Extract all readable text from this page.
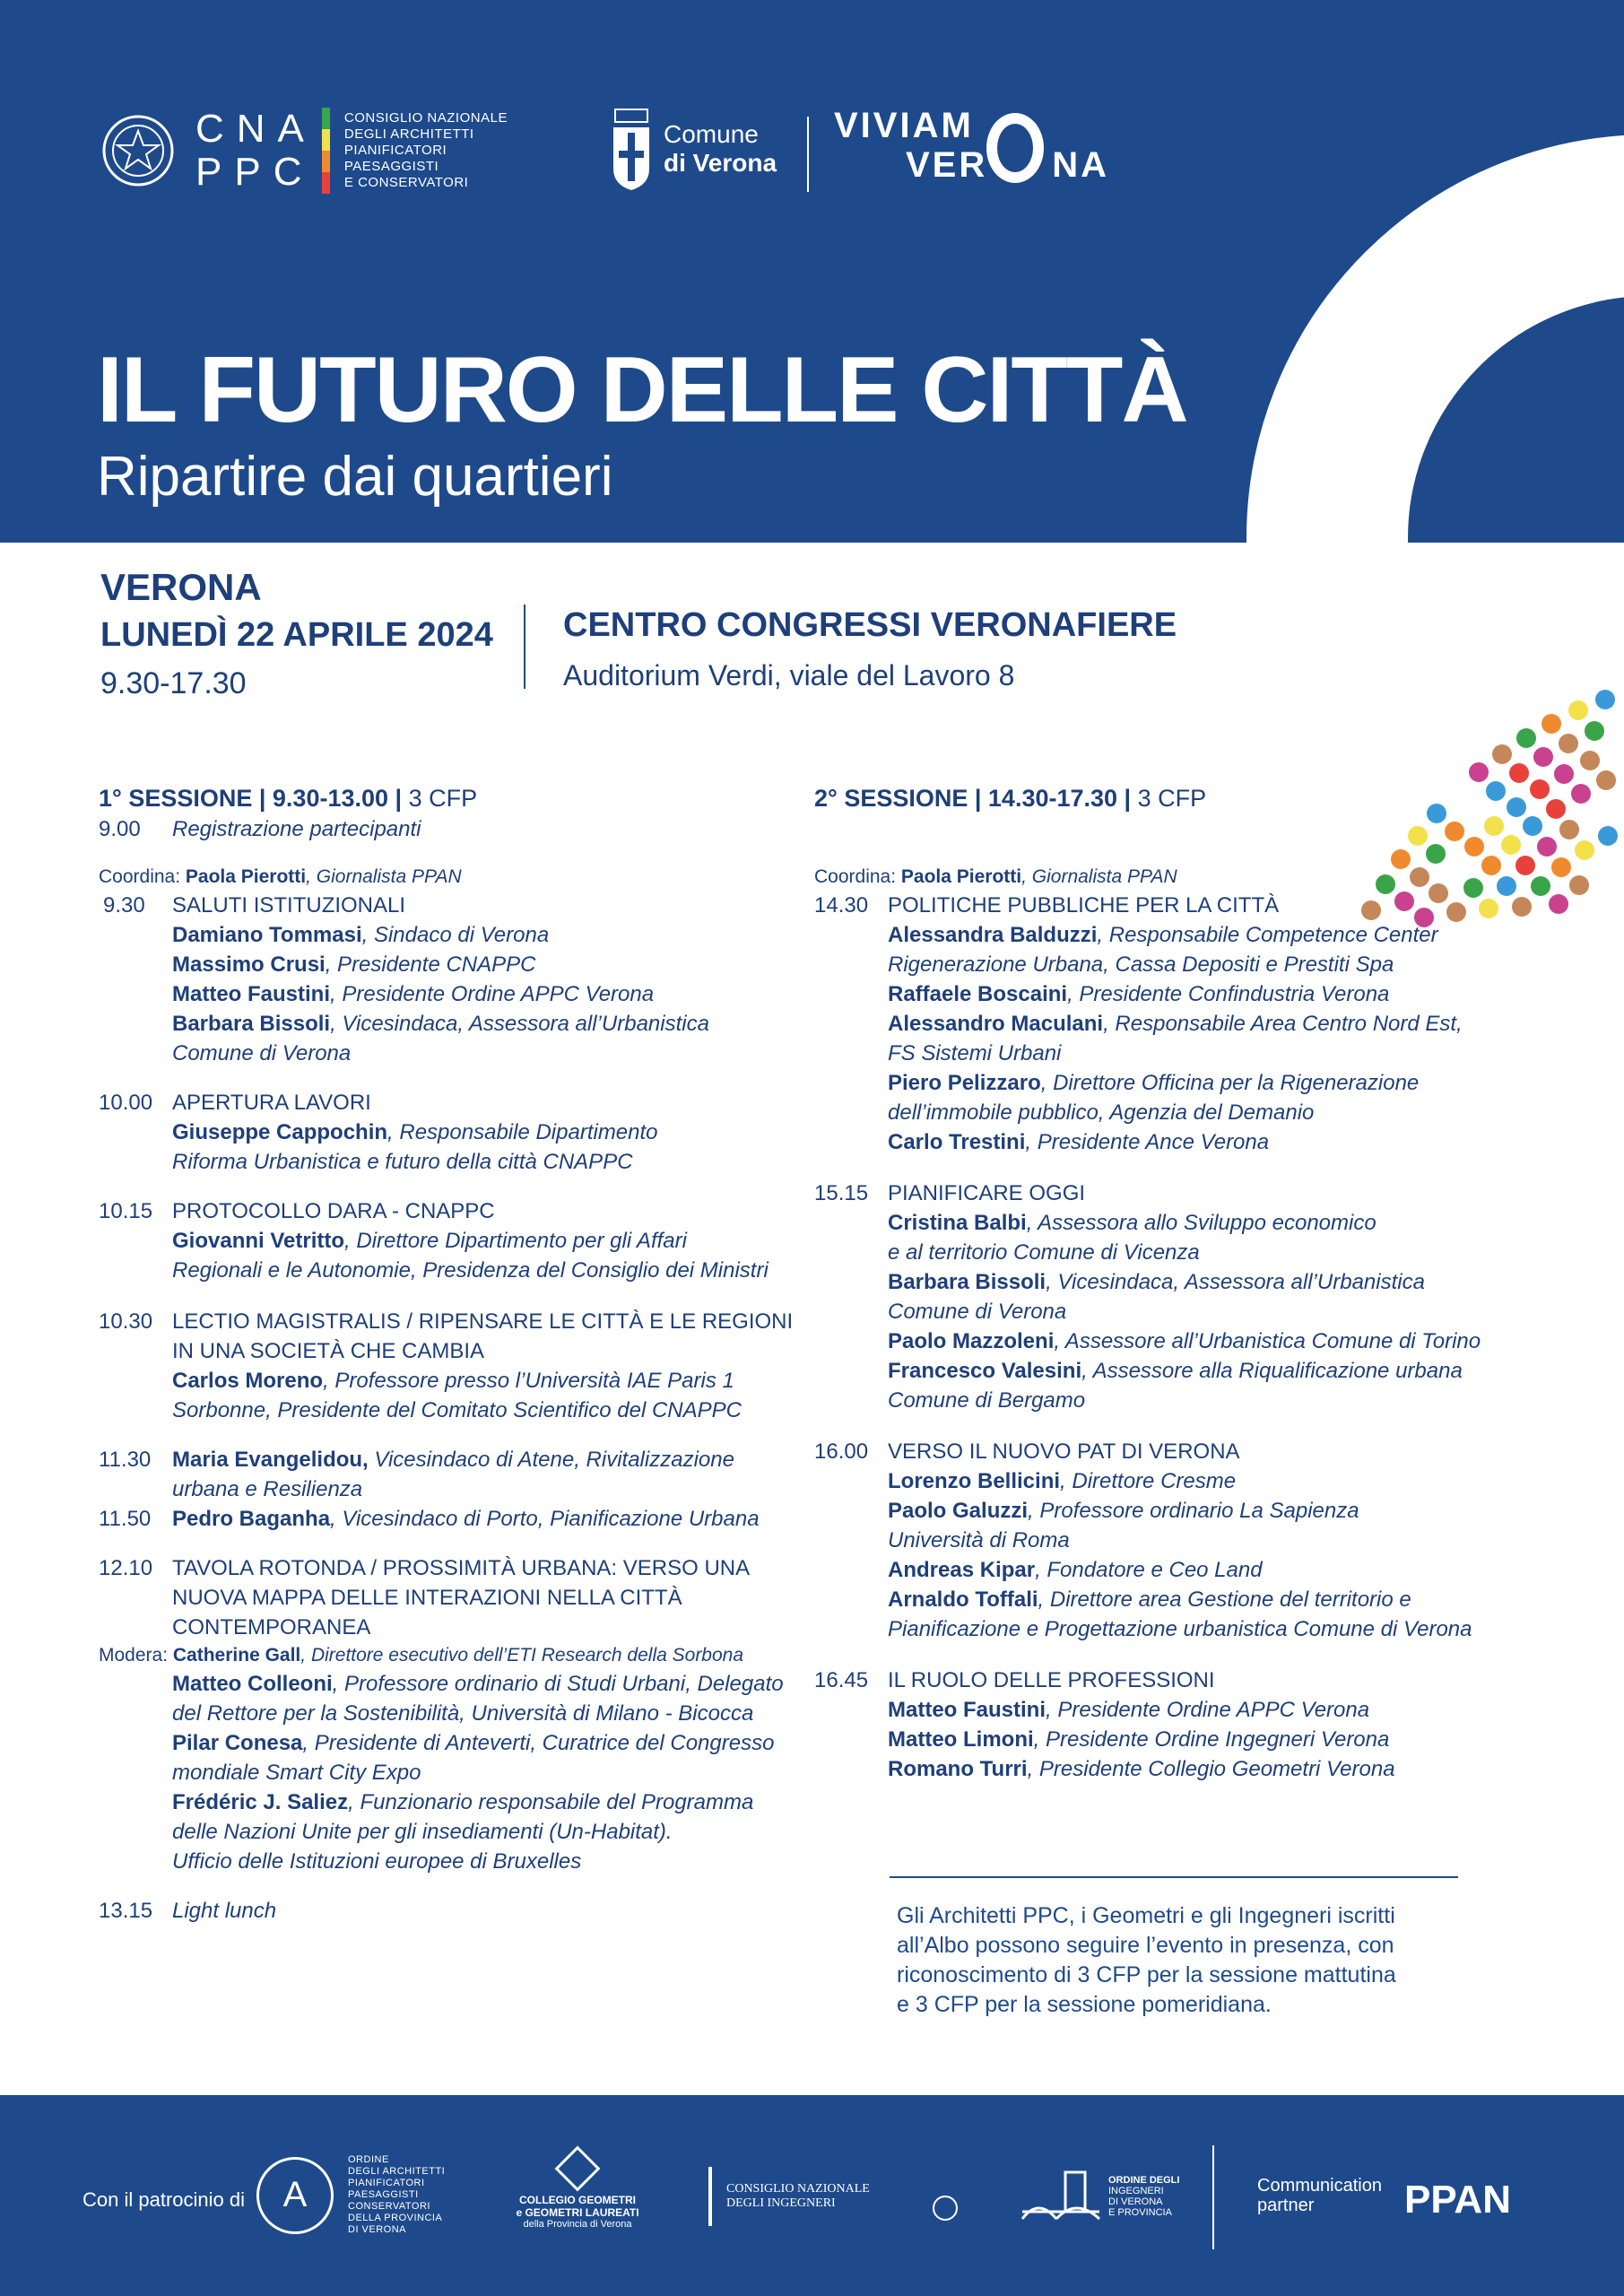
CNA
PPC
CONSIGLIO NAZIONALE
DEGLI ARCHITETTI
PIANIFICATORI
PAESAGGISTI
E CONSERVATORI
Comune
di Verona
VIVIAM
VER NA
IL FUTURO DELLE CITTÀ
Ripartire dai quartieri
VERONA
LUNEDÌ 22 APRILE 2024
9.30-17.30
CENTRO CONGRESSI VERONAFIERE
Auditorium Verdi, viale del Lavoro 8
1° SESSIONE | 9.30-13.00 | 3 CFP
9.00	Registrazione partecipanti
Coordina: Paola Pierotti, Giornalista PPAN
9.30	SALUTI ISTITUZIONALI
Damiano Tommasi, Sindaco di Verona
Massimo Crusi, Presidente CNAPPC
Matteo Faustini, Presidente Ordine APPC Verona
Barbara Bissoli, Vicesindaca, Assessora all’Urbanistica
Comune di Verona
10.00 APERTURA LAVORI
Giuseppe Cappochin, Responsabile Dipartimento
Riforma Urbanistica e futuro della città CNAPPC
10.15 PROTOCOLLO DARA - CNAPPC
Giovanni Vetritto, Direttore Dipartimento per gli Affari
Regionali e le Autonomie, Presidenza del Consiglio dei Ministri
10.30 LECTIO MAGISTRALIS / RIPENSARE LE CITTÀ E LE REGIONI
IN UNA SOCIETÀ CHE CAMBIA
Carlos Moreno, Professore presso l’Università IAE Paris 1
Sorbonne, Presidente del Comitato Scientifico del CNAPPC
11.30 Maria Evangelidou, Vicesindaco di Atene, Rivitalizzazione
urbana e Resilienza
11.50 Pedro Baganha, Vicesindaco di Porto, Pianificazione Urbana
12.10 TAVOLA ROTONDA / PROSSIMITÀ URBANA: VERSO UNA
NUOVA MAPPA DELLE INTERAZIONI NELLA CITTÀ
CONTEMPORANEA
Modera: Catherine Gall, Direttore esecutivo dell’ETI Research della Sorbona
Matteo Colleoni, Professore ordinario di Studi Urbani, Delegato
del Rettore per la Sostenibilità, Università di Milano - Bicocca
Pilar Conesa, Presidente di Anteverti, Curatrice del Congresso
mondiale Smart City Expo
Frédéric J. Saliez, Funzionario responsabile del Programma
delle Nazioni Unite per gli insediamenti (Un-Habitat).
Ufficio delle Istituzioni europee di Bruxelles
13.15 Light lunch
2° SESSIONE | 14.30-17.30 | 3 CFP
Coordina: Paola Pierotti, Giornalista PPAN
14.30 POLITICHE PUBBLICHE PER LA CITTÀ
Alessandra Balduzzi, Responsabile Competence Center
Rigenerazione Urbana, Cassa Depositi e Prestiti Spa
Raffaele Boscaini, Presidente Confindustria Verona
Alessandro Maculani, Responsabile Area Centro Nord Est,
FS Sistemi Urbani
Piero Pelizzaro, Direttore Officina per la Rigenerazione
dell’immobile pubblico, Agenzia del Demanio
Carlo Trestini, Presidente Ance Verona
15.15 PIANIFICARE OGGI
Cristina Balbi, Assessora allo Sviluppo economico
e al territorio Comune di Vicenza
Barbara Bissoli, Vicesindaca, Assessora all’Urbanistica
Comune di Verona
Paolo Mazzoleni, Assessore all’Urbanistica Comune di Torino
Francesco Valesini, Assessore alla Riqualificazione urbana
Comune di Bergamo
16.00 VERSO IL NUOVO PAT DI VERONA
Lorenzo Bellicini, Direttore Cresme
Paolo Galuzzi, Professore ordinario La Sapienza
Università di Roma
Andreas Kipar, Fondatore e Ceo Land
Arnaldo Toffali, Direttore area Gestione del territorio e
Pianificazione e Progettazione urbanistica Comune di Verona
16.45 IL RUOLO DELLE PROFESSIONI
Matteo Faustini, Presidente Ordine APPC Verona
Matteo Limoni, Presidente Ordine Ingegneri Verona
Romano Turri, Presidente Collegio Geometri Verona
Gli Architetti PPC, i Geometri e gli Ingegneri iscritti
all’Albo possono seguire l’evento in presenza, con
riconoscimento di 3 CFP per la sessione mattutina
e 3 CFP per la sessione pomeridiana.
Con il patrocinio di	A
ORDINE
DEGLI ARCHITETTI
PIANIFICATORI
PAESAGGISTI
CONSERVATORI
DELLA PROVINCIA
DI VERONA
COLLEGIO GEOMETRI
e GEOMETRI LAUREATI
della Provincia di Verona
CONSIGLIO NAZIONALE
DEGLI INGEGNERI
ORDINE DEGLI
INGEGNERI
DI VERONA
E PROVINCIA
Communication
partner	PPAN
